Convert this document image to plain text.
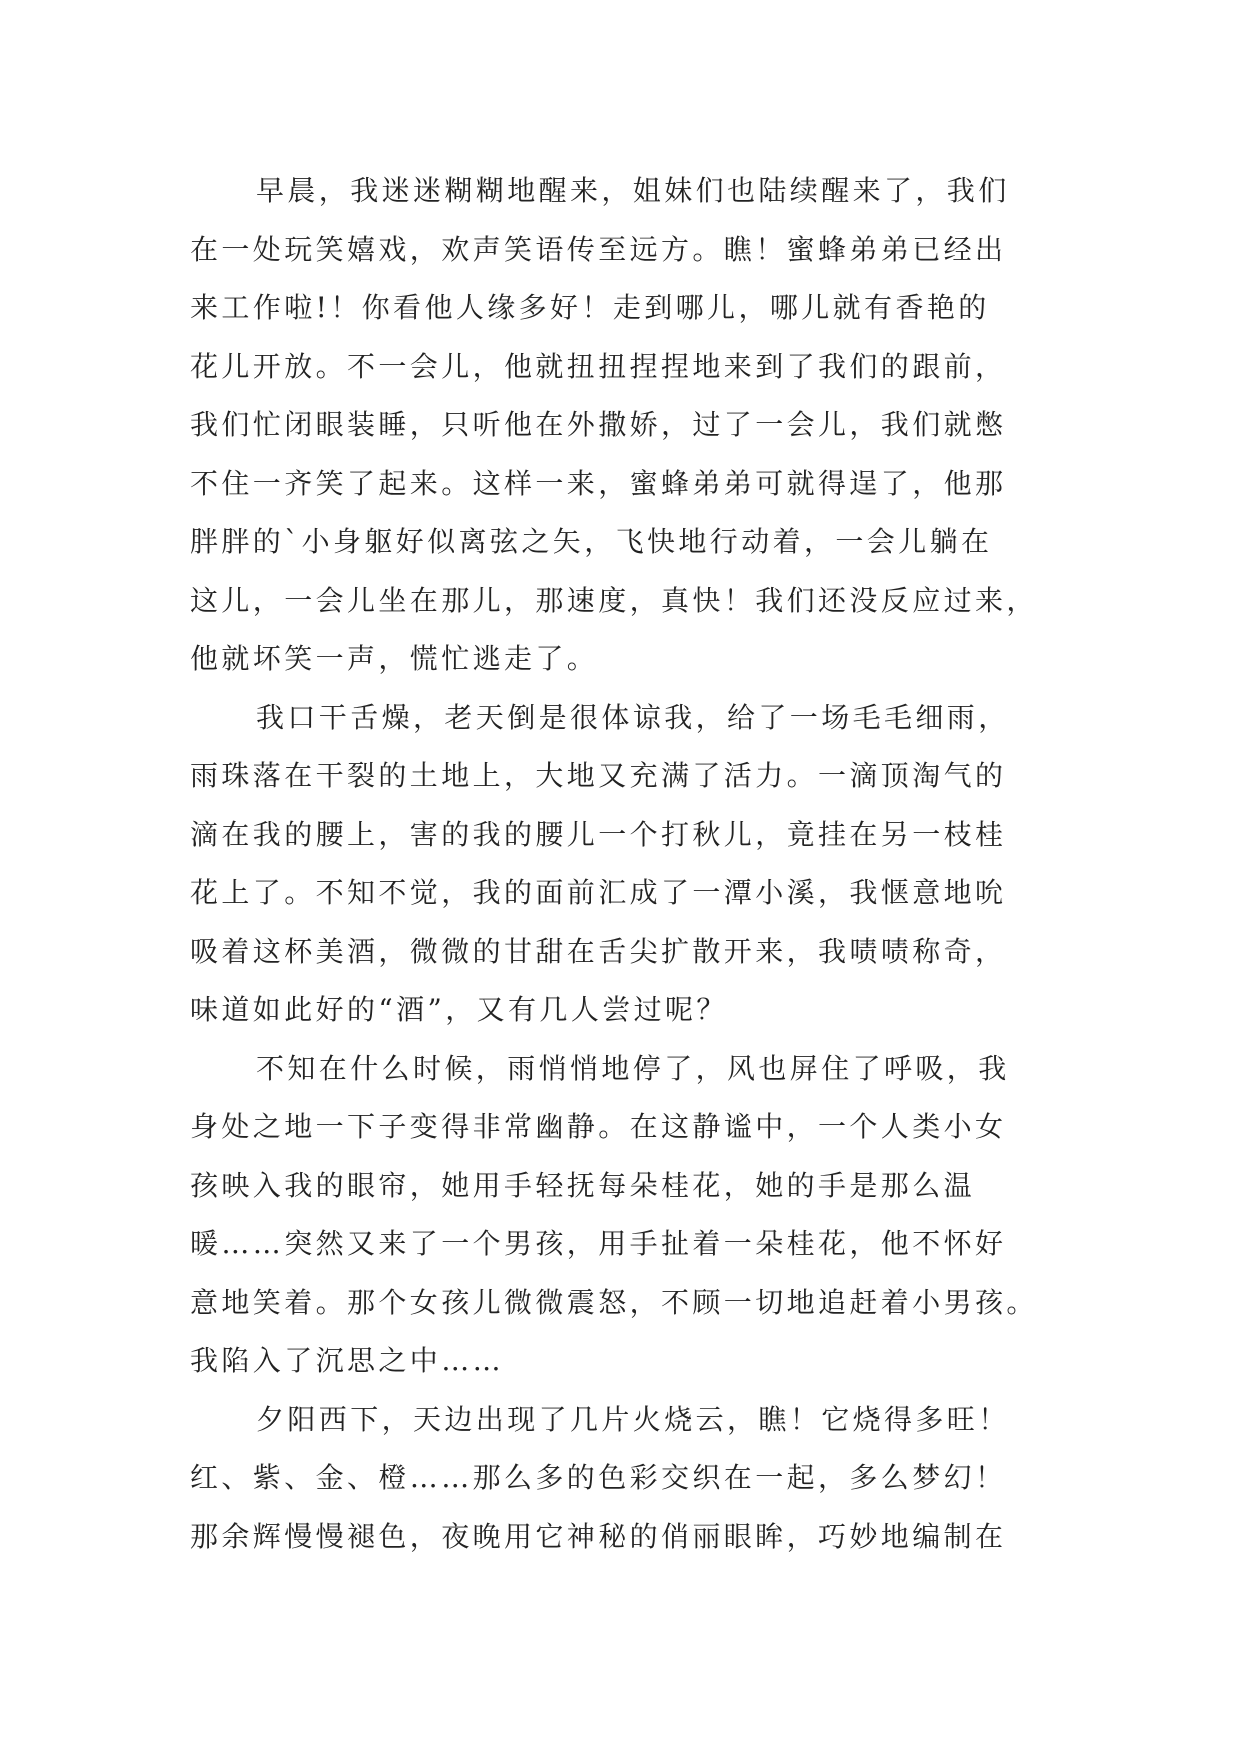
早晨，我迷迷糊糊地醒来，姐妹们也陆续醒来了，我们
在一处玩笑嬉戏，欢声笑语传至远方。瞧！蜜蜂弟弟已经出
来工作啦!！你看他人缘多好！走到哪儿，哪儿就有香艳的
花儿开放。不一会儿，他就扭扭捏捏地来到了我们的跟前，
我们忙闭眼装睡，只听他在外撒娇，过了一会儿，我们就憋
不住一齐笑了起来。这样一来，蜜蜂弟弟可就得逞了，他那
胖胖的`小身躯好似离弦之矢，飞快地行动着，一会儿躺在
这儿，一会儿坐在那儿，那速度，真快！我们还没反应过来，
他就坏笑一声，慌忙逃走了。
我口干舌燥，老天倒是很体谅我，给了一场毛毛细雨，
雨珠落在干裂的土地上，大地又充满了活力。一滴顶淘气的
滴在我的腰上，害的我的腰儿一个打秋儿，竟挂在另一枝桂
花上了。不知不觉，我的面前汇成了一潭小溪，我惬意地吮
吸着这杯美酒，微微的甘甜在舌尖扩散开来，我啧啧称奇，
味道如此好的“酒”，又有几人尝过呢？
不知在什么时候，雨悄悄地停了，风也屏住了呼吸，我
身处之地一下子变得非常幽静。在这静谧中，一个人类小女
孩映入我的眼帘，她用手轻抚每朵桂花，她的手是那么温
暖……突然又来了一个男孩，用手扯着一朵桂花，他不怀好
意地笑着。那个女孩儿微微震怒，不顾一切地追赶着小男孩。
我陷入了沉思之中……
夕阳西下，天边出现了几片火烧云，瞧！它烧得多旺！
红、紫、金、橙……那么多的色彩交织在一起，多么梦幻！
那余辉慢慢褪色，夜晚用它神秘的俏丽眼眸，巧妙地编制在
